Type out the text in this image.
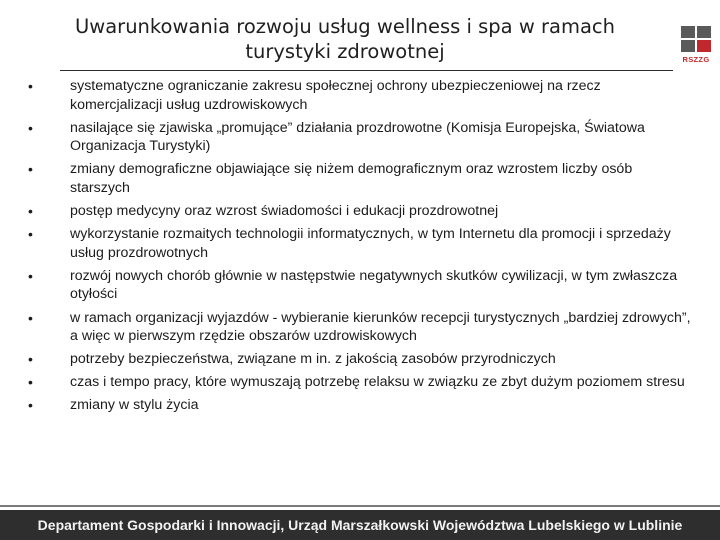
Uwarunkowania rozwoju usług wellness i spa w ramach turystyki zdrowotnej	RSZZG
•	systematyczne ograniczanie zakresu społecznej ochrony ubezpieczeniowej na rzecz komercjalizacji usług uzdrowiskowych
•	nasilające się zjawiska „promujące” działania prozdrowotne (Komisja Europejska, Światowa Organizacja Turystyki)
•	zmiany demograficzne objawiające się niżem demograficznym oraz wzrostem liczby osób starszych
•	postęp medycyny oraz wzrost świadomości i edukacji prozdrowotnej
•	wykorzystanie rozmaitych technologii informatycznych, w tym Internetu dla promocji i sprzedaży usług prozdrowotnych
•	rozwój nowych chorób głównie w następstwie negatywnych skutków cywilizacji, w tym zwłaszcza otyłości
•	w ramach organizacji wyjazdów - wybieranie kierunków recepcji turystycznych „bardziej zdrowych”, a więc w pierwszym rzędzie obszarów uzdrowiskowych
•	potrzeby bezpieczeństwa, związane m in. z jakością zasobów przyrodniczych
•	czas i tempo pracy, które wymuszają potrzebę relaksu w związku ze zbyt dużym poziomem stresu
•	zmiany w stylu życia
Departament Gospodarki i Innowacji, Urząd Marszałkowski Województwa Lubelskiego w Lublinie
